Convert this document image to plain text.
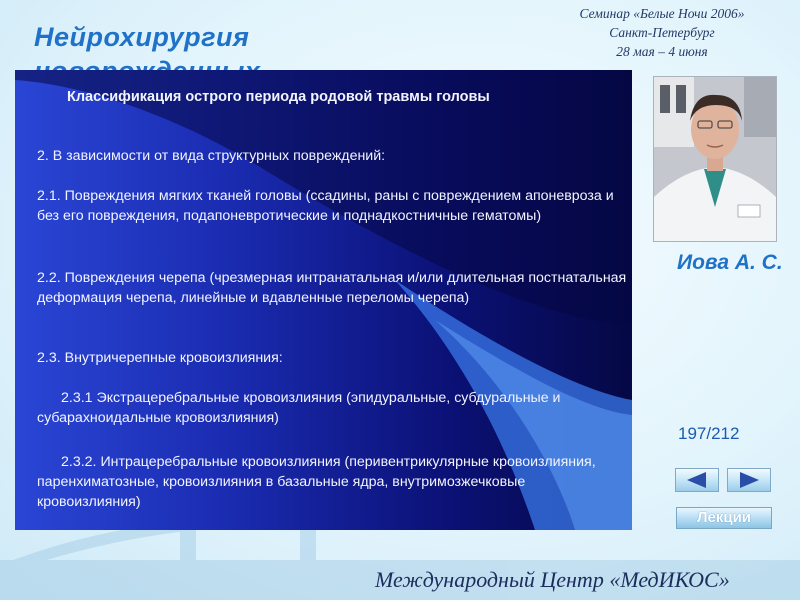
Нейрохирургия
Семинар «Белые Ночи 2006»
Санкт-Петербург
28 мая – 4 июня
Классификация острого периода родовой травмы головы
2. В зависимости от вида структурных повреждений:
2.1. Повреждения мягких тканей головы (ссадины, раны с повреждением апоневроза и без его повреждения, подапоневротические и поднадкостничные гематомы)
2.2. Повреждения черепа (чрезмерная интранатальная и/или длительная постнатальная деформация черепа, линейные и вдавленные переломы черепа)
2.3. Внутричерепные кровоизлияния:
2.3.1 Экстрацеребральные кровоизлияния (эпидуральные, субдуральные и субарахноидальные кровоизлияния)
2.3.2. Интрацеребральные кровоизлияния (перивентрикулярные кровоизлияния, паренхиматозные, кровоизлияния в базальные ядра, внутримозжечковые кровоизлияния)
Иова А. С.
197/212
Лекции
Международный Центр «МедИКОС»
